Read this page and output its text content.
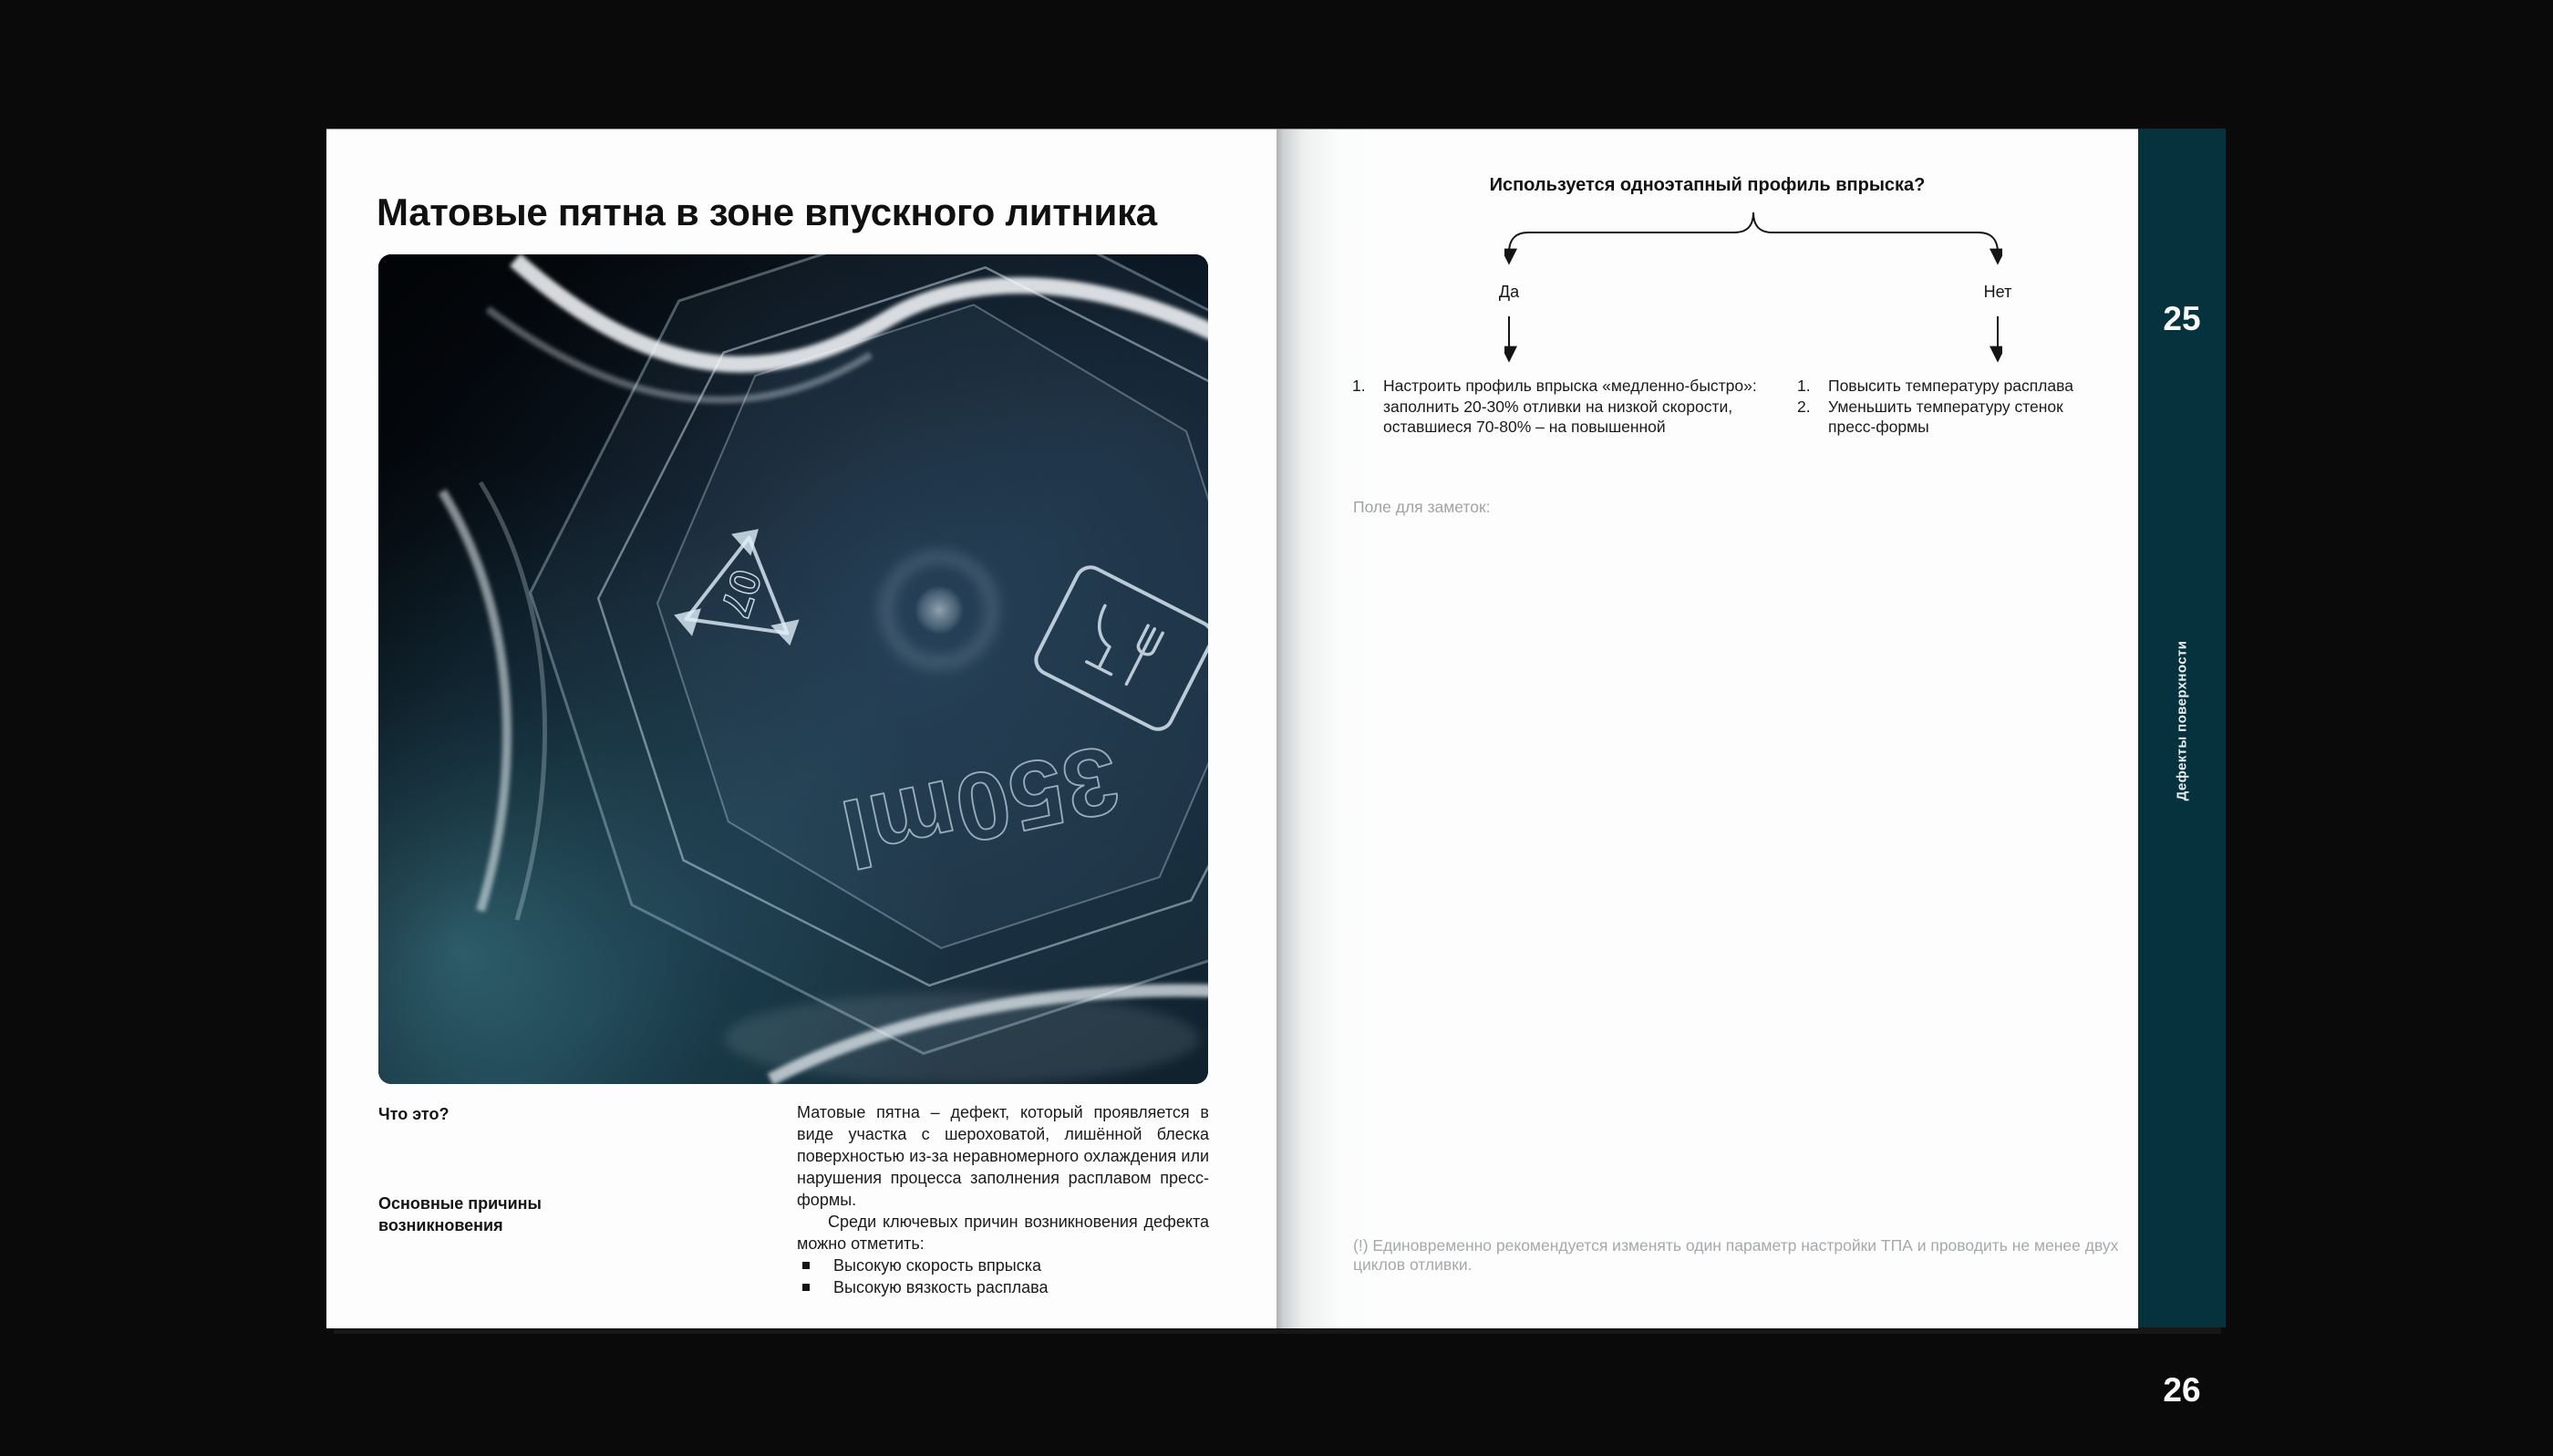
Матовые пятна в зоне впускного литника
07
350ml
Что это?
Основные причины возникновения

Матовые пятна – дефект, который проявляется в виде участка с шероховатой, лишённой блеска поверхностью из-за неравномерного охлаждения или нарушения процесса заполнения расплавом пресс-формы.

Среди ключевых причин возникновения дефекта можно отметить:

Высокую скорость впрыска
Высокую вязкость расплава
Используется одноэтапный профиль впрыска?
Да	Нет
1.	Настроить профиль впрыска «медленно-быстро»: заполнить 20-30% отливки на низкой скорости, оставшиеся 70-80% – на повышенной
1.	Повысить температуру расплава
2.	Уменьшить температуру стенок пресс-формы
Поле для заметок:
(!) Единовременно рекомендуется изменять один параметр настройки ТПА и проводить не менее двух циклов отливки.
25
Дефекты поверхности
26
